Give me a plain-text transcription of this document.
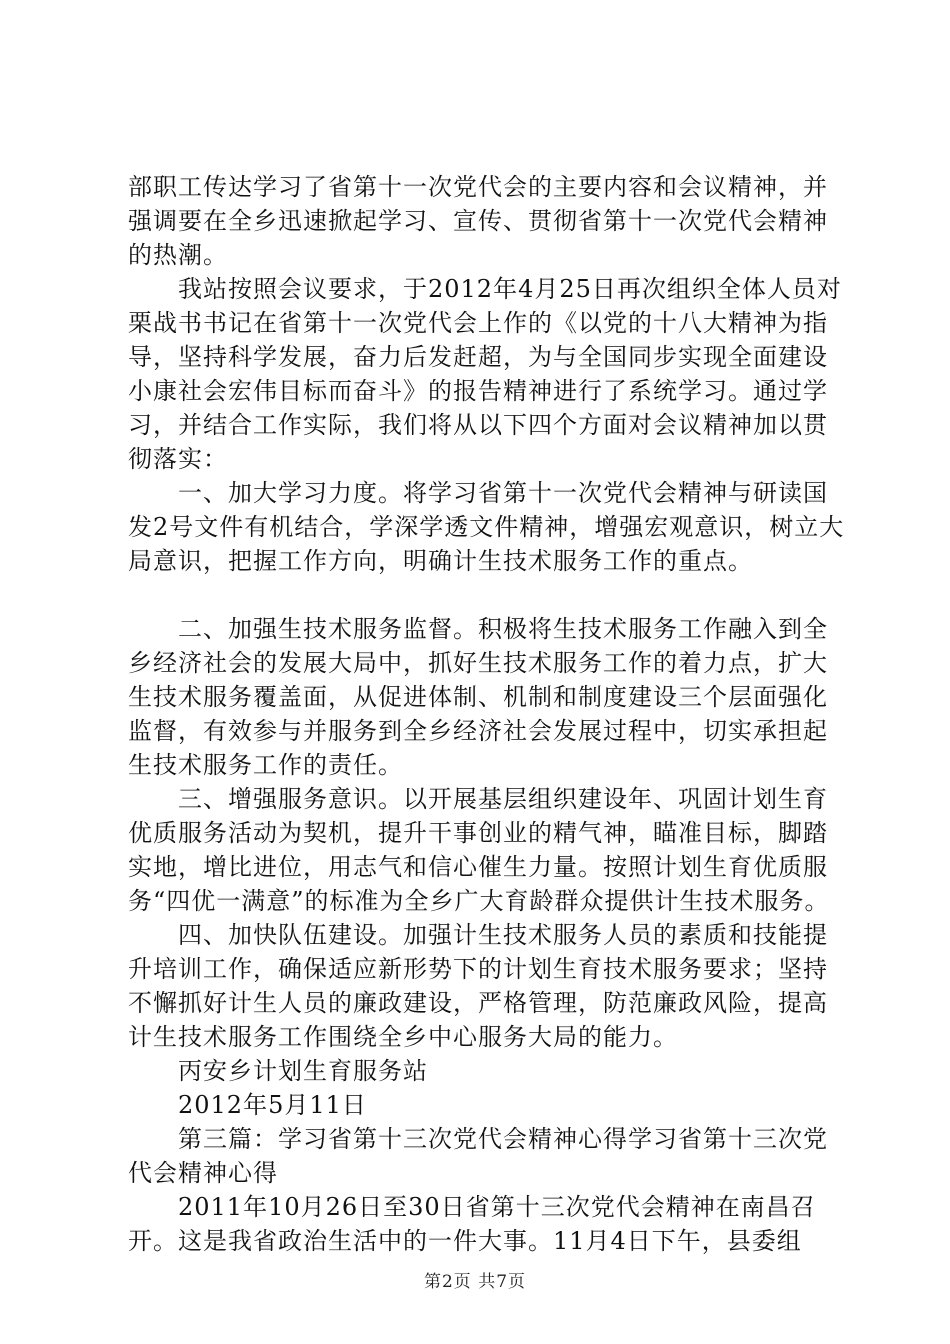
部职工传达学习了省第十一次党代会的主要内容和会议精神，并强调要在全乡迅速掀起学习、宣传、贯彻省第十一次党代会精神的热潮。

我站按照会议要求，于2012年4月25日再次组织全体人员对栗战书书记在省第十一次党代会上作的《以党的十八大精神为指导，坚持科学发展，奋力后发赶超，为与全国同步实现全面建设小康社会宏伟目标而奋斗》的报告精神进行了系统学习。通过学习，并结合工作实际，我们将从以下四个方面对会议精神加以贯彻落实：

一、加大学习力度。将学习省第十一次党代会精神与研读国发2号文件有机结合，学深学透文件精神，增强宏观意识，树立大局意识，把握工作方向，明确计生技术服务工作的重点。

二、加强生技术服务监督。积极将生技术服务工作融入到全乡经济社会的发展大局中，抓好生技术服务工作的着力点，扩大生技术服务覆盖面，从促进体制、机制和制度建设三个层面强化监督，有效参与并服务到全乡经济社会发展过程中，切实承担起生技术服务工作的责任。

三、增强服务意识。以开展基层组织建设年、巩固计划生育优质服务活动为契机，提升干事创业的精气神，瞄准目标，脚踏实地，增比进位，用志气和信心催生力量。按照计划生育优质服务“四优一满意”的标准为全乡广大育龄群众提供计生技术服务。

四、加快队伍建设。加强计生技术服务人员的素质和技能提升培训工作，确保适应新形势下的计划生育技术服务要求；坚持不懈抓好计生人员的廉政建设，严格管理，防范廉政风险，提高计生技术服务工作围绕全乡中心服务大局的能力。

丙安乡计划生育服务站

2012年5月11日

第三篇：学习省第十三次党代会精神心得学习省第十三次党代会精神心得

2011年10月26日至30日省第十三次党代会精神在南昌召开。这是我省政治生活中的一件大事。11月4日下午，县委组

第2页 共7页
